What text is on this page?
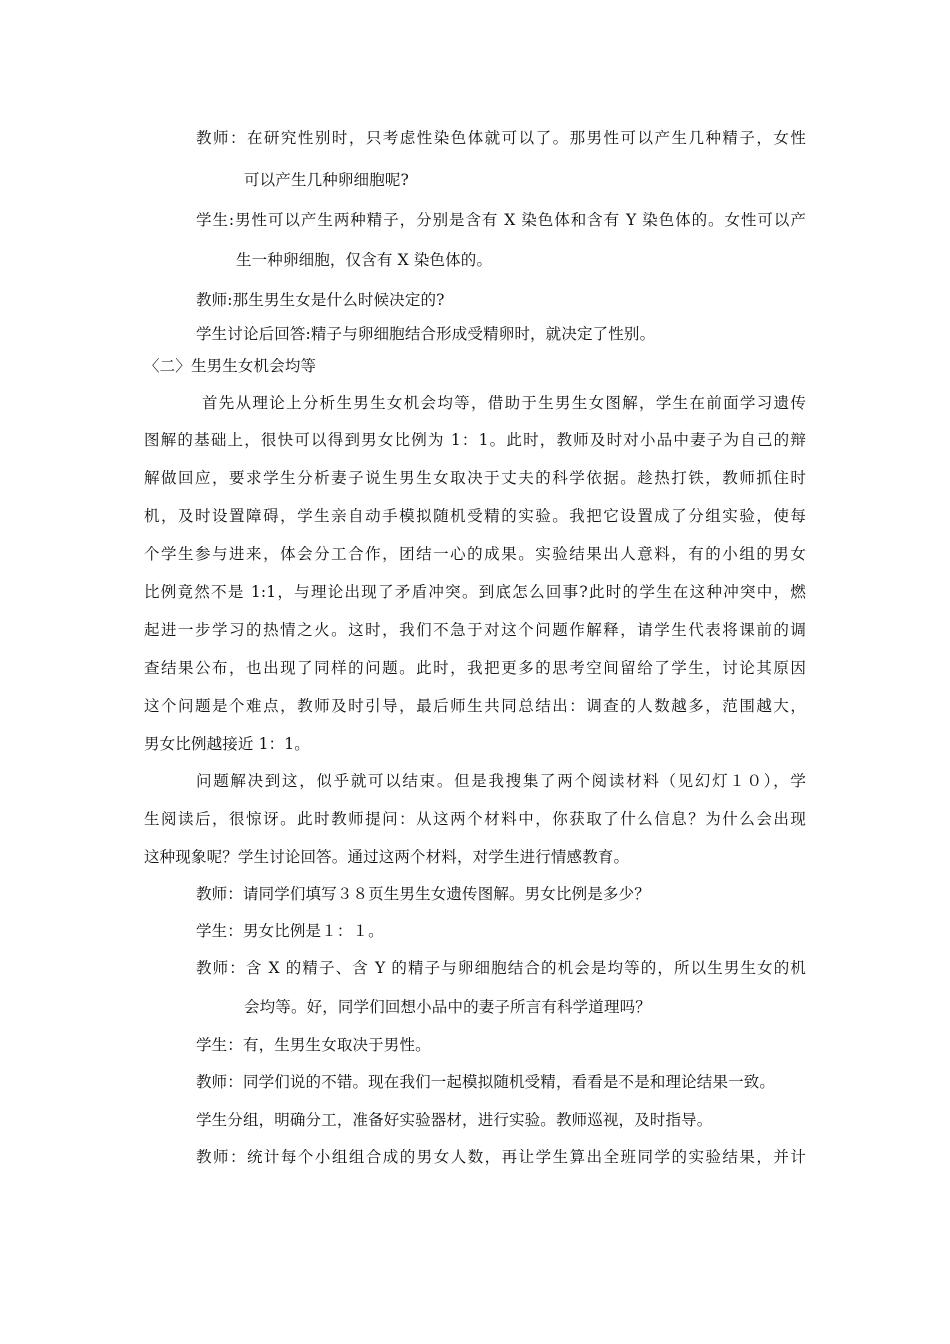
教师：在研究性别时，只考虑性染色体就可以了。那男性可以产生几种精子，女性
可以产生几种卵细胞呢?
学生:男性可以产生两种精子，分别是含有 X 染色体和含有 Y 染色体的。女性可以产
生一种卵细胞，仅含有 X 染色体的。
教师:那生男生女是什么时候决定的?
学生讨论后回答:精子与卵细胞结合形成受精卵时，就决定了性别。
〈二〉生男生女机会均等
首先从理论上分析生男生女机会均等，借助于生男生女图解，学生在前面学习遗传
图解的基础上，很快可以得到男女比例为 1：1。此时，教师及时对小品中妻子为自己的辩
解做回应，要求学生分析妻子说生男生女取决于丈夫的科学依据。趁热打铁，教师抓住时
机，及时设置障碍，学生亲自动手模拟随机受精的实验。我把它设置成了分组实验，使每
个学生参与进来，体会分工合作，团结一心的成果。实验结果出人意料，有的小组的男女
比例竟然不是 1:1，与理论出现了矛盾冲突。到底怎么回事?此时的学生在这种冲突中，燃
起进一步学习的热情之火。这时，我们不急于对这个问题作解释，请学生代表将课前的调
查结果公布，也出现了同样的问题。此时，我把更多的思考空间留给了学生，讨论其原因
这个问题是个难点，教师及时引导，最后师生共同总结出：调查的人数越多，范围越大，
男女比例越接近 1：1。
问题解决到这，似乎就可以结束。但是我搜集了两个阅读材料（见幻灯１０），学
生阅读后，很惊讶。此时教师提问：从这两个材料中，你获取了什么信息？为什么会出现
这种现象呢？学生讨论回答。通过这两个材料，对学生进行情感教育。
教师：请同学们填写３８页生男生女遗传图解。男女比例是多少？
学生：男女比例是１：１。
教师：含 X 的精子、含 Y 的精子与卵细胞结合的机会是均等的，所以生男生女的机
会均等。好，同学们回想小品中的妻子所言有科学道理吗？
学生：有，生男生女取决于男性。
教师：同学们说的不错。现在我们一起模拟随机受精，看看是不是和理论结果一致。
学生分组，明确分工，准备好实验器材，进行实验。教师巡视，及时指导。
教师：统计每个小组组合成的男女人数，再让学生算出全班同学的实验结果，并计
